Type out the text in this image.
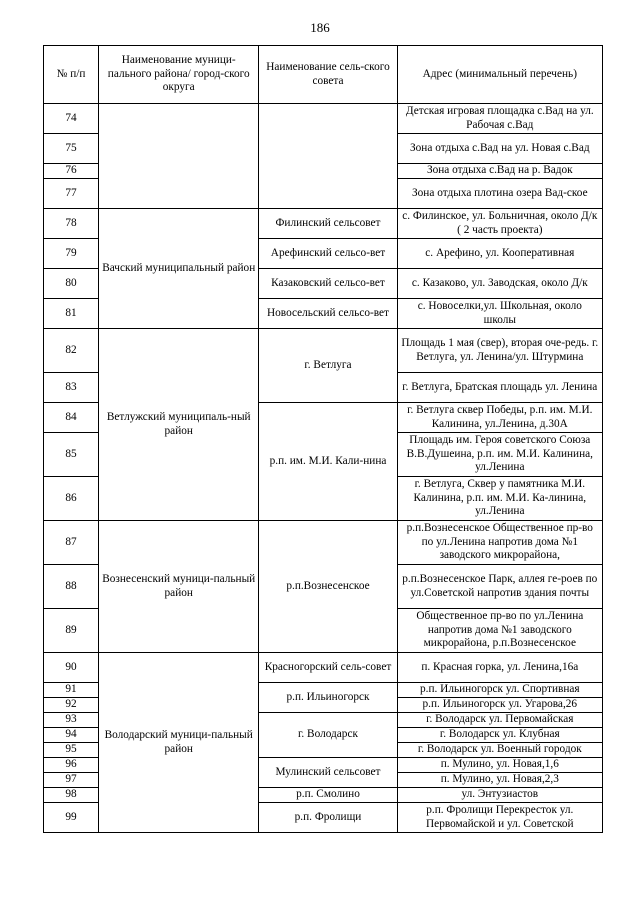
186
№ п/п	Наименование муници-пального района/ город-ского округа	Наименование сель-ского совета	Адрес (минимальный перечень)
74			Детская игровая площадка с.Вад на ул. Рабочая с.Вад
75			Зона отдыха с.Вад на ул. Новая с.Вад
76			Зона отдыха с.Вад на р. Вадок
77			Зона отдыха плотина озера Вад-ское
78	Вачский муниципальный район	Филинский сельсовет	с. Филинское, ул. Больничная, около Д/к ( 2 часть проекта)
79		Арефинский сельсо-вет	с. Арефино, ул. Кооперативная
80		Казаковский сельсо-вет	с. Казаково, ул. Заводская, около Д/к
81		Новосельский сельсо-вет	с. Новоселки,ул. Школьная, около школы
82	Ветлужский муниципаль-ный район	г. Ветлуга	Площадь 1 мая (свер), вторая оче-редь. г. Ветлуга, ул. Ленина/ул. Штурмина
83			г. Ветлуга, Братская площадь ул. Ленина
84		р.п. им. М.И. Кали-нина	г. Ветлуга сквер Победы, р.п. им. М.И. Калинина, ул.Ленина, д.30А
85			Площадь им. Героя советского Союза В.В.Душеина, р.п. им. М.И. Калинина, ул.Ленина
86			г. Ветлуга, Сквер у памятника М.И. Калинина, р.п. им. М.И. Ка-линина, ул.Ленина
87	Вознесенский муници-пальный район	р.п.Вознесенское	р.п.Вознесенское Общественное пр-во по ул.Ленина напротив дома №1 заводского микрорайона,
88			р.п.Вознесенское Парк, аллея ге-роев по ул.Советской напротив здания почты
89			Общественное пр-во по ул.Ленина напротив дома №1 заводского микрорайона, р.п.Вознесенское
90	Володарский муници-пальный район	Красногорский сель-совет	п. Красная горка, ул. Ленина,16а
91		р.п. Ильиногорск	р.п. Ильиногорск ул. Спортивная
92			р.п. Ильиногорск ул. Угарова,26
93		г. Володарск	г. Володарск ул. Первомайская
94			г. Володарск ул. Клубная
95			г. Володарск ул. Военный городок
96		Мулинский сельсовет	п. Мулино, ул. Новая,1,6
97			п. Мулино, ул. Новая,2,3
98		р.п. Смолино	ул. Энтузиастов
99		р.п. Фролищи	р.п. Фролищи Перекресток ул. Первомайской и ул. Советской
